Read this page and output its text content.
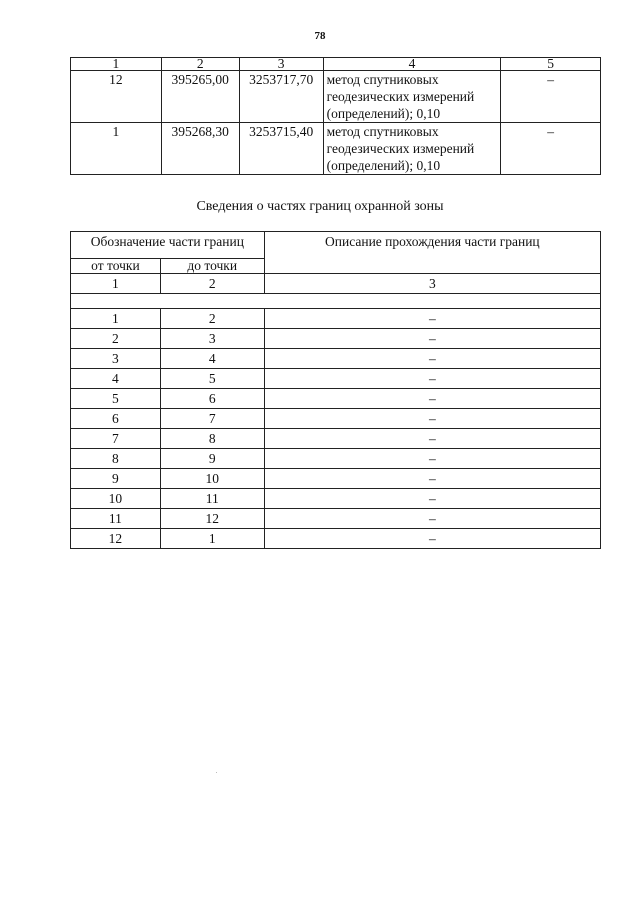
78
1	2	3	4	5
12	395265,00	3253717,70	метод спутниковых
геодезических измерений
(определений); 0,10	–
1	395268,30	3253715,40	метод спутниковых
геодезических измерений
(определений); 0,10	–
Сведения о частях границ охранной зоны
Обозначение части границ		Описание прохождения части границ
от точки	до точки	
1	2	3

1	2	–
2	3	–
3	4	–
4	5	–
5	6	–
6	7	–
7	8	–
8	9	–
9	10	–
10	11	–
11	12	–
12	1	–
